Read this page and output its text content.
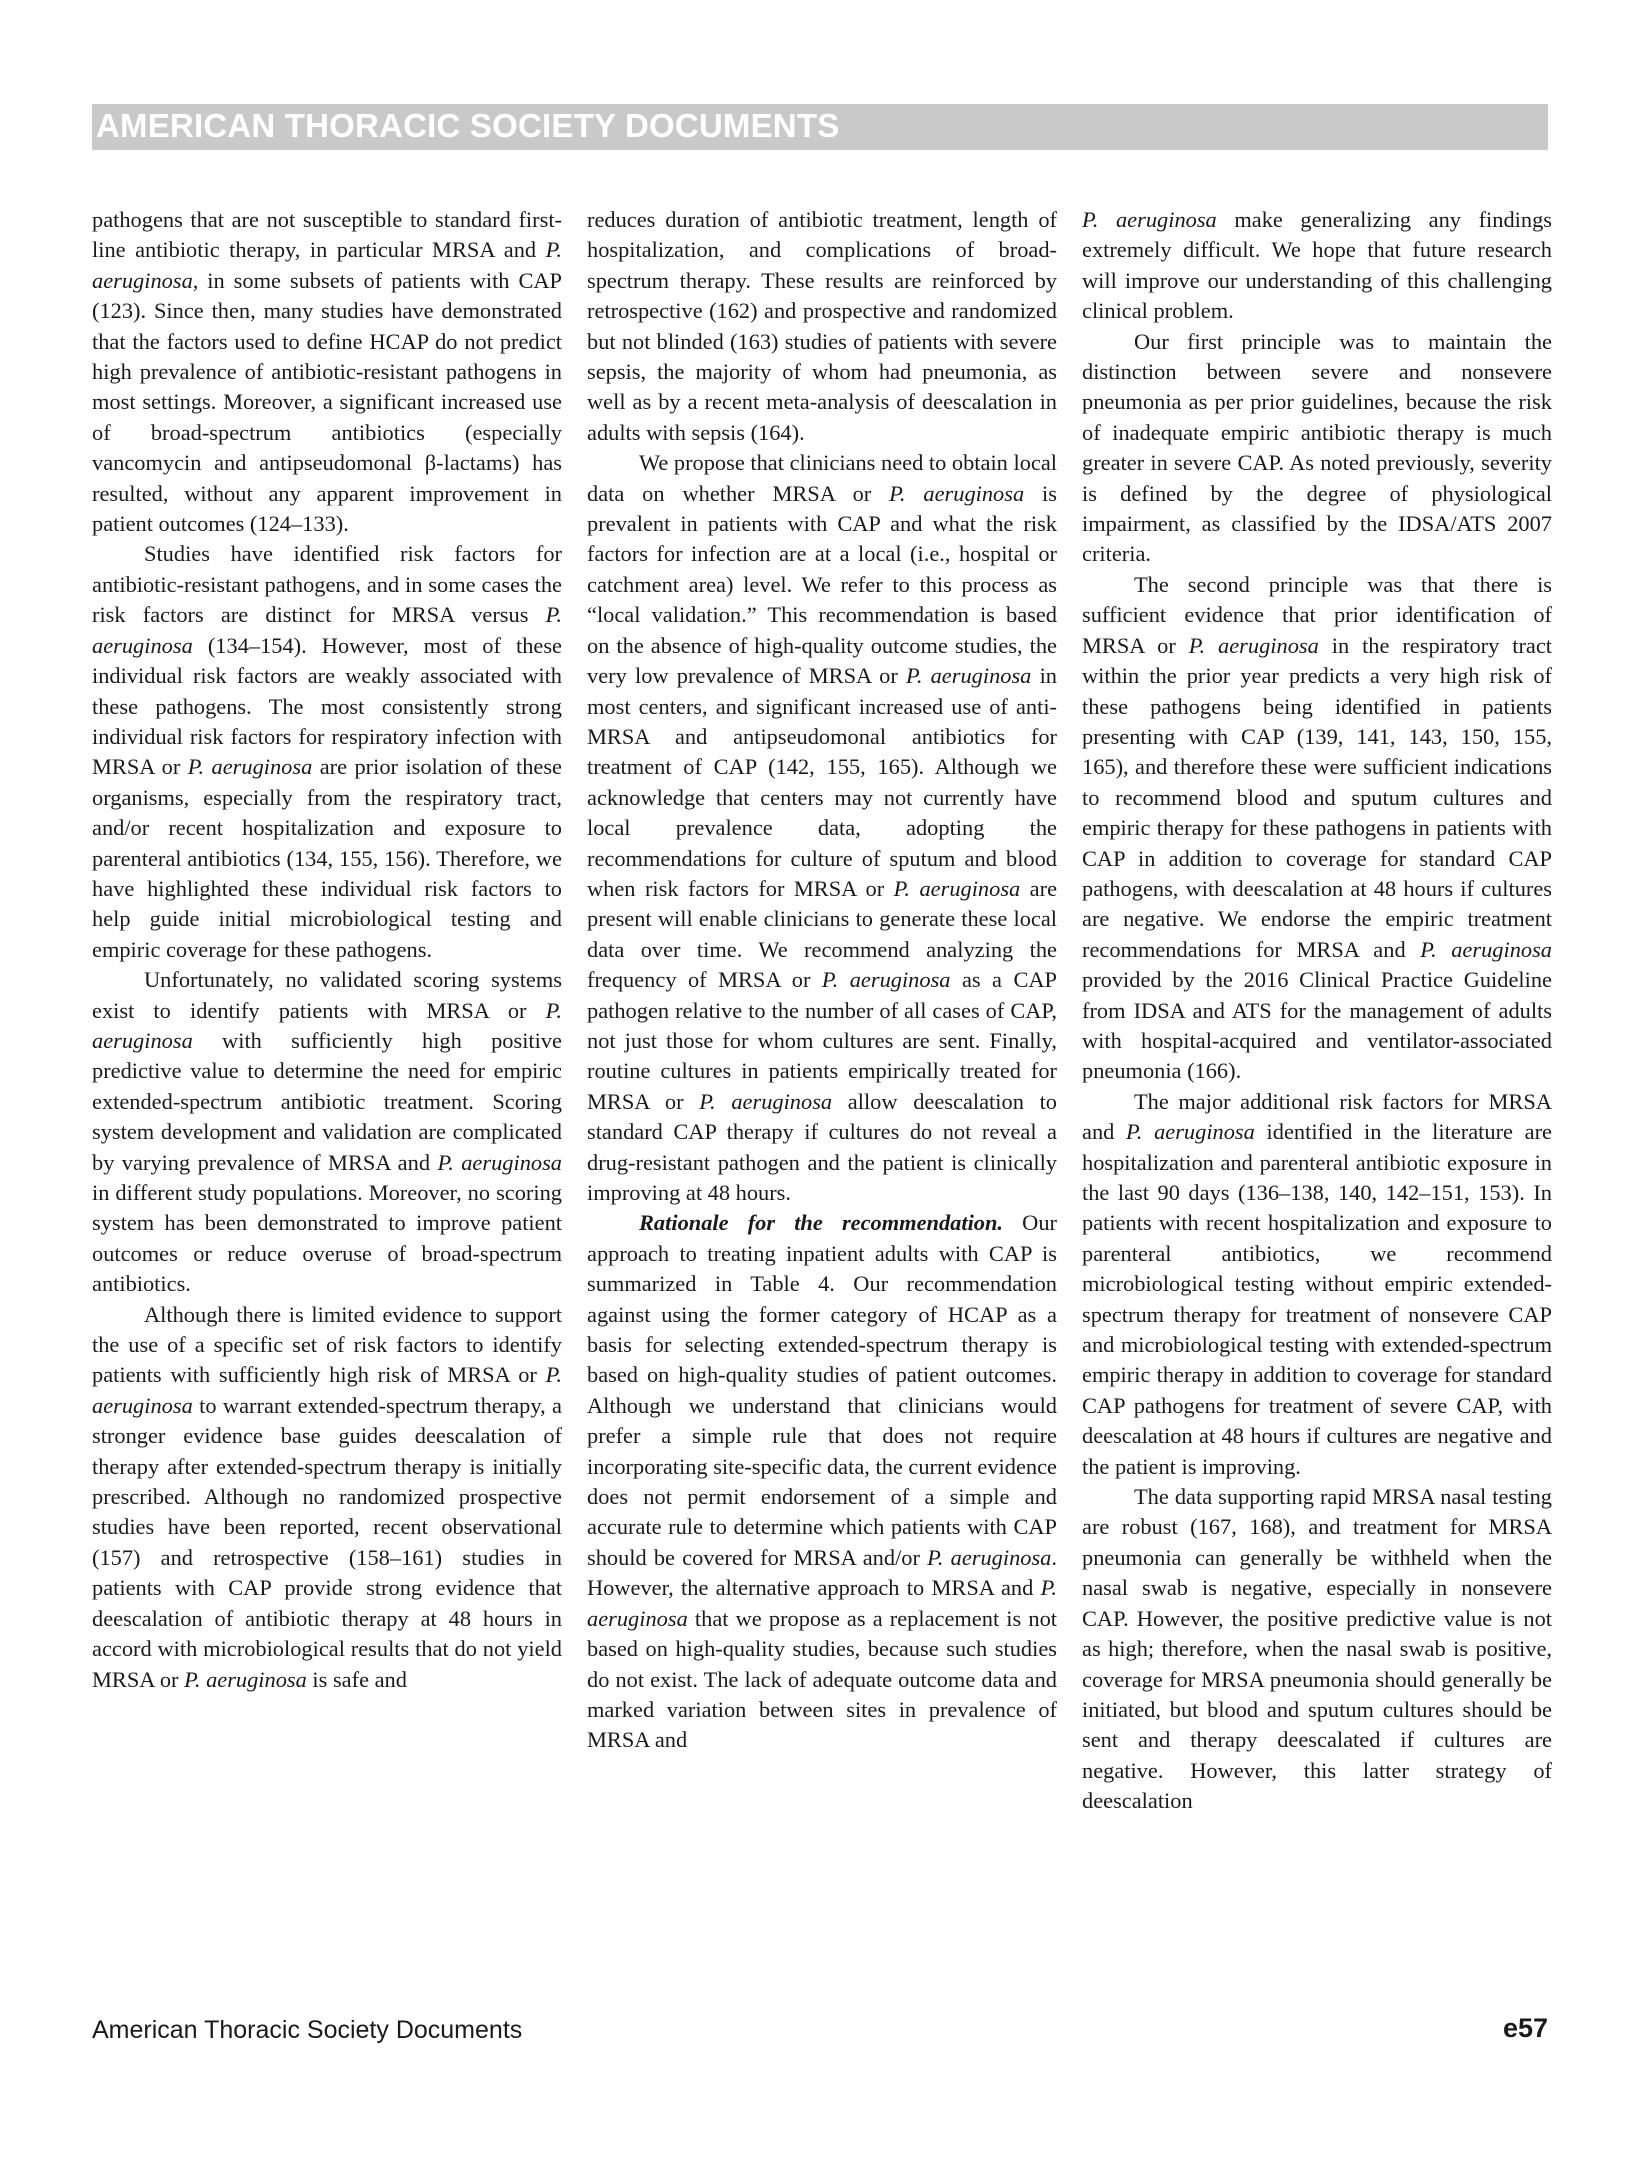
AMERICAN THORACIC SOCIETY DOCUMENTS

pathogens that are not susceptible to standard first-line antibiotic therapy, in particular MRSA and P. aeruginosa, in some subsets of patients with CAP (123). Since then, many studies have demonstrated that the factors used to define HCAP do not predict high prevalence of antibiotic-resistant pathogens in most settings. Moreover, a significant increased use of broad-spectrum antibiotics (especially vancomycin and antipseudomonal β-lactams) has resulted, without any apparent improvement in patient outcomes (124–133).

Studies have identified risk factors for antibiotic-resistant pathogens, and in some cases the risk factors are distinct for MRSA versus P. aeruginosa (134–154). However, most of these individual risk factors are weakly associated with these pathogens. The most consistently strong individual risk factors for respiratory infection with MRSA or P. aeruginosa are prior isolation of these organisms, especially from the respiratory tract, and/or recent hospitalization and exposure to parenteral antibiotics (134, 155, 156). Therefore, we have highlighted these individual risk factors to help guide initial microbiological testing and empiric coverage for these pathogens.

Unfortunately, no validated scoring systems exist to identify patients with MRSA or P. aeruginosa with sufficiently high positive predictive value to determine the need for empiric extended-spectrum antibiotic treatment. Scoring system development and validation are complicated by varying prevalence of MRSA and P. aeruginosa in different study populations. Moreover, no scoring system has been demonstrated to improve patient outcomes or reduce overuse of broad-spectrum antibiotics.

Although there is limited evidence to support the use of a specific set of risk factors to identify patients with sufficiently high risk of MRSA or P. aeruginosa to warrant extended-spectrum therapy, a stronger evidence base guides deescalation of therapy after extended-spectrum therapy is initially prescribed. Although no randomized prospective studies have been reported, recent observational (157) and retrospective (158–161) studies in patients with CAP provide strong evidence that deescalation of antibiotic therapy at 48 hours in accord with microbiological results that do not yield MRSA or P. aeruginosa is safe and

reduces duration of antibiotic treatment, length of hospitalization, and complications of broad-spectrum therapy. These results are reinforced by retrospective (162) and prospective and randomized but not blinded (163) studies of patients with severe sepsis, the majority of whom had pneumonia, as well as by a recent meta-analysis of deescalation in adults with sepsis (164).

We propose that clinicians need to obtain local data on whether MRSA or P. aeruginosa is prevalent in patients with CAP and what the risk factors for infection are at a local (i.e., hospital or catchment area) level. We refer to this process as “local validation.” This recommendation is based on the absence of high-quality outcome studies, the very low prevalence of MRSA or P. aeruginosa in most centers, and significant increased use of anti-MRSA and antipseudomonal antibiotics for treatment of CAP (142, 155, 165). Although we acknowledge that centers may not currently have local prevalence data, adopting the recommendations for culture of sputum and blood when risk factors for MRSA or P. aeruginosa are present will enable clinicians to generate these local data over time. We recommend analyzing the frequency of MRSA or P. aeruginosa as a CAP pathogen relative to the number of all cases of CAP, not just those for whom cultures are sent. Finally, routine cultures in patients empirically treated for MRSA or P. aeruginosa allow deescalation to standard CAP therapy if cultures do not reveal a drug-resistant pathogen and the patient is clinically improving at 48 hours.

Rationale for the recommendation. Our approach to treating inpatient adults with CAP is summarized in Table 4. Our recommendation against using the former category of HCAP as a basis for selecting extended-spectrum therapy is based on high-quality studies of patient outcomes. Although we understand that clinicians would prefer a simple rule that does not require incorporating site-specific data, the current evidence does not permit endorsement of a simple and accurate rule to determine which patients with CAP should be covered for MRSA and/or P. aeruginosa. However, the alternative approach to MRSA and P. aeruginosa that we propose as a replacement is not based on high-quality studies, because such studies do not exist. The lack of adequate outcome data and marked variation between sites in prevalence of MRSA and

P. aeruginosa make generalizing any findings extremely difficult. We hope that future research will improve our understanding of this challenging clinical problem.

Our first principle was to maintain the distinction between severe and nonsevere pneumonia as per prior guidelines, because the risk of inadequate empiric antibiotic therapy is much greater in severe CAP. As noted previously, severity is defined by the degree of physiological impairment, as classified by the IDSA/ATS 2007 criteria.

The second principle was that there is sufficient evidence that prior identification of MRSA or P. aeruginosa in the respiratory tract within the prior year predicts a very high risk of these pathogens being identified in patients presenting with CAP (139, 141, 143, 150, 155, 165), and therefore these were sufficient indications to recommend blood and sputum cultures and empiric therapy for these pathogens in patients with CAP in addition to coverage for standard CAP pathogens, with deescalation at 48 hours if cultures are negative. We endorse the empiric treatment recommendations for MRSA and P. aeruginosa provided by the 2016 Clinical Practice Guideline from IDSA and ATS for the management of adults with hospital-acquired and ventilator-associated pneumonia (166).

The major additional risk factors for MRSA and P. aeruginosa identified in the literature are hospitalization and parenteral antibiotic exposure in the last 90 days (136–138, 140, 142–151, 153). In patients with recent hospitalization and exposure to parenteral antibiotics, we recommend microbiological testing without empiric extended-spectrum therapy for treatment of nonsevere CAP and microbiological testing with extended-spectrum empiric therapy in addition to coverage for standard CAP pathogens for treatment of severe CAP, with deescalation at 48 hours if cultures are negative and the patient is improving.

The data supporting rapid MRSA nasal testing are robust (167, 168), and treatment for MRSA pneumonia can generally be withheld when the nasal swab is negative, especially in nonsevere CAP. However, the positive predictive value is not as high; therefore, when the nasal swab is positive, coverage for MRSA pneumonia should generally be initiated, but blood and sputum cultures should be sent and therapy deescalated if cultures are negative. However, this latter strategy of deescalation

American Thoracic Society Documents	e57
